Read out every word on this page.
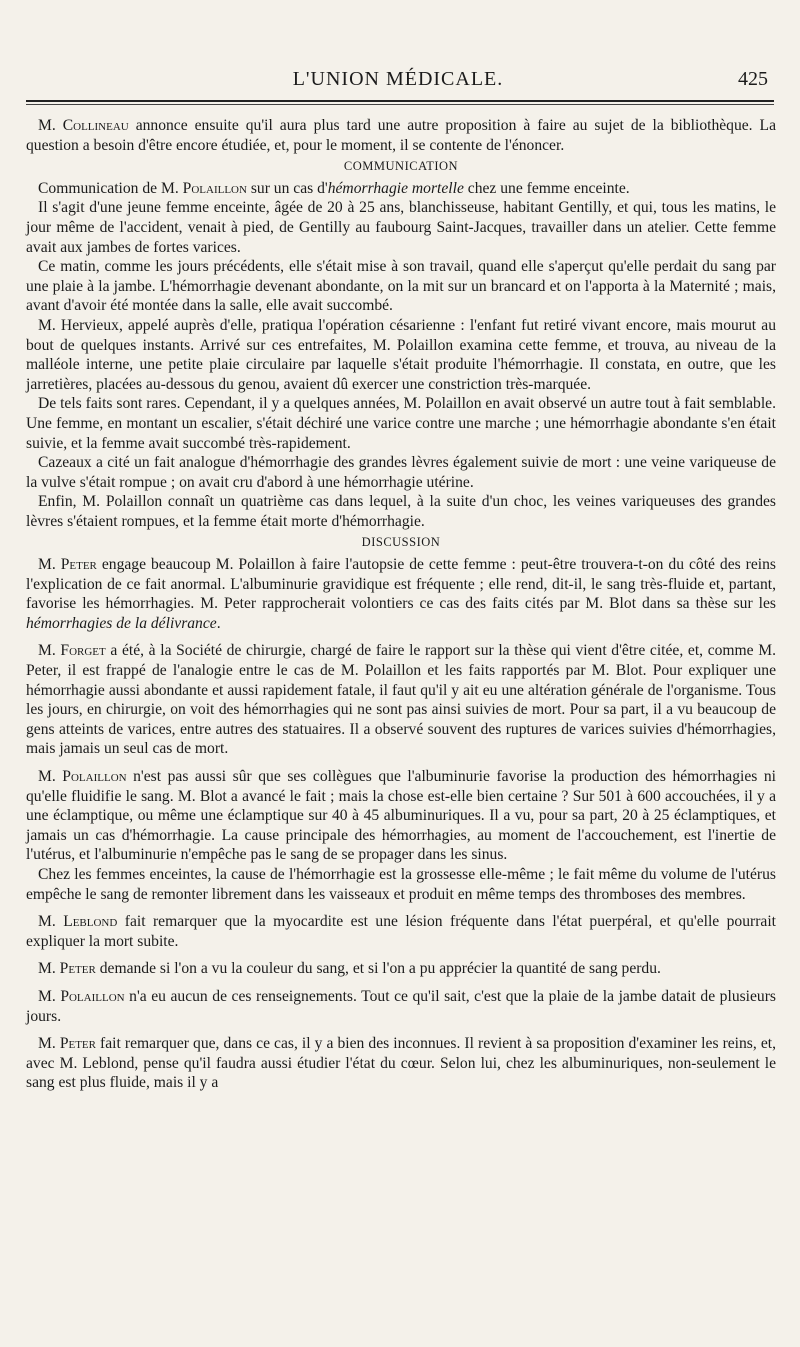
L'UNION MÉDICALE.	425

M. Collineau annonce ensuite qu'il aura plus tard une autre proposition à faire au sujet de la bibliothèque. La question a besoin d'être encore étudiée, et, pour le moment, il se contente de l'énoncer.

COMMUNICATION

Communication de M. Polaillon sur un cas d'hémorrhagie mortelle chez une femme enceinte.

Il s'agit d'une jeune femme enceinte, âgée de 20 à 25 ans, blanchisseuse, habitant Gentilly, et qui, tous les matins, le jour même de l'accident, venait à pied, de Gentilly au faubourg Saint-Jacques, travailler dans un atelier. Cette femme avait aux jambes de fortes varices.

Ce matin, comme les jours précédents, elle s'était mise à son travail, quand elle s'aperçut qu'elle perdait du sang par une plaie à la jambe. L'hémorrhagie devenant abondante, on la mit sur un brancard et on l'apporta à la Maternité ; mais, avant d'avoir été montée dans la salle, elle avait succombé.

M. Hervieux, appelé auprès d'elle, pratiqua l'opération césarienne : l'enfant fut retiré vivant encore, mais mourut au bout de quelques instants. Arrivé sur ces entrefaites, M. Polaillon examina cette femme, et trouva, au niveau de la malléole interne, une petite plaie circulaire par laquelle s'était produite l'hémorrhagie. Il constata, en outre, que les jarretières, placées au-dessous du genou, avaient dû exercer une constriction très-marquée.

De tels faits sont rares. Cependant, il y a quelques années, M. Polaillon en avait observé un autre tout à fait semblable. Une femme, en montant un escalier, s'était déchiré une varice contre une marche ; une hémorrhagie abondante s'en était suivie, et la femme avait succombé très-rapidement.

Cazeaux a cité un fait analogue d'hémorrhagie des grandes lèvres également suivie de mort : une veine variqueuse de la vulve s'était rompue ; on avait cru d'abord à une hémorrhagie utérine.

Enfin, M. Polaillon connaît un quatrième cas dans lequel, à la suite d'un choc, les veines variqueuses des grandes lèvres s'étaient rompues, et la femme était morte d'hémorrhagie.

DISCUSSION

M. Peter engage beaucoup M. Polaillon à faire l'autopsie de cette femme : peut-être trouvera-t-on du côté des reins l'explication de ce fait anormal. L'albuminurie gravidique est fréquente ; elle rend, dit-il, le sang très-fluide et, partant, favorise les hémorrhagies. M. Peter rapprocherait volontiers ce cas des faits cités par M. Blot dans sa thèse sur les hémorrhagies de la délivrance.

M. Forget a été, à la Société de chirurgie, chargé de faire le rapport sur la thèse qui vient d'être citée, et, comme M. Peter, il est frappé de l'analogie entre le cas de M. Polaillon et les faits rapportés par M. Blot. Pour expliquer une hémorrhagie aussi abondante et aussi rapidement fatale, il faut qu'il y ait eu une altération générale de l'organisme. Tous les jours, en chirurgie, on voit des hémorrhagies qui ne sont pas ainsi suivies de mort. Pour sa part, il a vu beaucoup de gens atteints de varices, entre autres des statuaires. Il a observé souvent des ruptures de varices suivies d'hémorrhagies, mais jamais un seul cas de mort.

M. Polaillon n'est pas aussi sûr que ses collègues que l'albuminurie favorise la production des hémorrhagies ni qu'elle fluidifie le sang. M. Blot a avancé le fait ; mais la chose est-elle bien certaine ? Sur 501 à 600 accouchées, il y a une éclamptique, ou même une éclamptique sur 40 à 45 albuminuriques. Il a vu, pour sa part, 20 à 25 éclamptiques, et jamais un cas d'hémorrhagie. La cause principale des hémorrhagies, au moment de l'accouchement, est l'inertie de l'utérus, et l'albuminurie n'empêche pas le sang de se propager dans les sinus.

Chez les femmes enceintes, la cause de l'hémorrhagie est la grossesse elle-même ; le fait même du volume de l'utérus empêche le sang de remonter librement dans les vaisseaux et produit en même temps des thromboses des membres.

M. Leblond fait remarquer que la myocardite est une lésion fréquente dans l'état puerpéral, et qu'elle pourrait expliquer la mort subite.

M. Peter demande si l'on a vu la couleur du sang, et si l'on a pu apprécier la quantité de sang perdu.

M. Polaillon n'a eu aucun de ces renseignements. Tout ce qu'il sait, c'est que la plaie de la jambe datait de plusieurs jours.

M. Peter fait remarquer que, dans ce cas, il y a bien des inconnues. Il revient à sa proposition d'examiner les reins, et, avec M. Leblond, pense qu'il faudra aussi étudier l'état du cœur. Selon lui, chez les albuminuriques, non-seulement le sang est plus fluide, mais il y a
